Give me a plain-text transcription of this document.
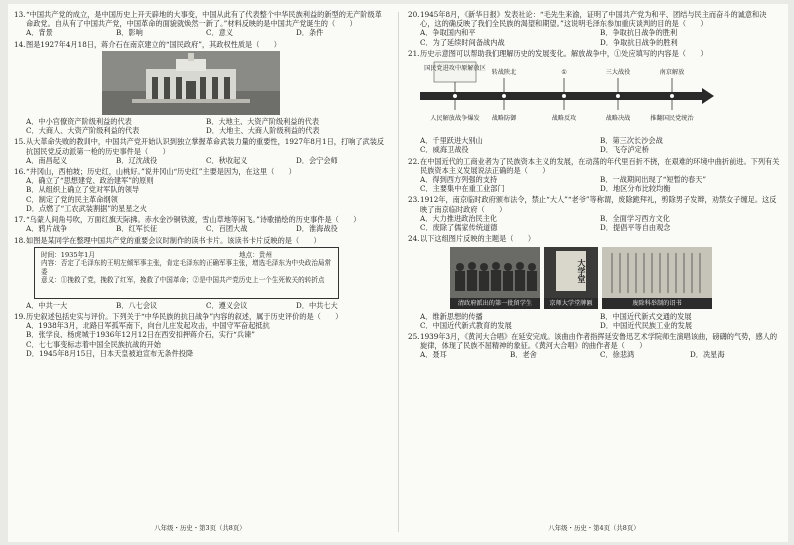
13. “中国共产党的成立，是中国历史上开天辟地的大事变，中国从此有了代表整个中华民族利益的新型的无产阶级革命政党。自从有了中国共产党，中国革命的面貌就焕然一新了。”材料反映的是中国共产党诞生的（　　）
A．背景	B．影响	C．意义	D．条件
14. 图是1927年4月18日，蒋介石在南京建立的“国民政府”，其政权性质是（　　）
A．中小官僚资产阶级利益的代表	B．大地主、大资产阶级利益的代表
C．大商人、大资产阶级利益的代表	D．大地主、大商人阶级利益的代表
15. 从大革命失败的教训中，中国共产党开始认识到独立掌握革命武装力量的重要性，1927年8月1日，打响了武装反抗国民党反动派第一枪的历史事件是（　　）
A．南昌起义	B．辽沈战役	C．秋收起义	D．会宁会师
16. “井冈山，西柏坡；历史红，山桃好。”说井冈山“历史红”主要是因为，在这里（　　）
A．确立了“思想建党、政治建军”的原则
B．从组织上确立了党对军队的领导
C．制定了党的民主革命纲领
D．点燃了“工农武装割据”的星星之火
17. “乌蒙人间角号吹，万面红旗天际拂。赤水金沙铜铁渡，雪山草地等闲飞。”诗歌描绘的历史事件是（　　）
A．鸦片战争	B．红军长征	C．百团大战	D．淮海战役
18. 如图是某同学在整理中国共产党的重要会议时制作的读书卡片。该读书卡片反映的是（　　）
时间：1935年1月	地点：贵州
内容：否定了毛泽东的王明左倾军事主张，肯定毛泽东的正确军事主张，增选毛泽东为中央政治局常委
意义：①挽救了党，挽救了红军，挽救了中国革命；②是中国共产党历史上一个生死攸关的转折点
A．中共一大	B．八七会议	C．遵义会议	D．中共七大
19. 历史叙述包括史实与评价。下列关于“中华民族的抗日战争”内容的叙述，属于历史评价的是（　　）
A．1938年3月，北路日军孤军南下，向台儿庄发起攻击，中国守军奋起抵抗
B．张学良、杨虎城于1936年12月12日在西安扣押蒋介石，实行“兵谏”
C．七七事变标志着中国全民族抗战的开始
D．1945年8月15日，日本天皇被迫宣布无条件投降
八年级・历史・第3页（共8页）
20. 1945年8月，《新华日报》发表社论：“毛先生来渝，证明了中国共产党为和平、团结与民主而奋斗的诚意和决心，这的确反映了我们全民族的渴望和期望。”这说明毛泽东参加重庆谈判的目的是（　　）
A．争取国内和平	B．争取抗日战争的胜利
C．为了延续时间备战内战	D．争取抗日战争的胜利
21. 历史示意图可以帮助我们理解历史的发展变化。解放战争中，①处应填写的内容是（　　）
国民党进攻中原解放区
转战陕北	①	三大战役	南京解放
人民解放战争爆发 战略防御	战略反攻	战略决战	推翻国民党统治
A．千里跃进大别山	B．第三次长沙会战
C．威海卫战役	D．飞夺泸定桥
22. 在中国近代的工商业者为了民族资本主义的发展，在动荡的年代里百折不挠，在艰难的环境中曲折前进。下列有关民族资本主义发展说法正确的是（　　）
A．得到西方列强的支持	B．一战期间出现了“短暂的春天”
C．主要集中在重工业部门	D．地区分布比较均衡
23. 1912年，南京临时政府颁布法令，禁止“大人”“老爷”等称谓，废除跪拜礼，剪除男子发辫，劝禁女子缠足。这反映了南京临时政府（　　）
A．大力推进政治民主化	B．全面学习西方文化
C．废除了儒家传统道德	D．提倡平等自由观念
24. 以下这组图片反映的主题是（　　）
清政府派出的第一批留学生
大学堂
京师大学堂牌匾	废除科举制的诏书
A．维新思想的传播	B．中国近代新式交通的发展
C．中国近代新式教育的发展	D．中国近代民族工业的发展
25. 1939年3月，《黄河大合唱》在延安完成。该曲由作者指挥延安鲁迅艺术学院师生演唱该曲，磅礴的气势，感人的旋律，体现了民族不屈精神的象征。《黄河大合唱》的曲作者是（　　）
A．聂耳	B．老舍	C．徐悲鸿	D．冼星海
八年级・历史・第4页（共8页）
